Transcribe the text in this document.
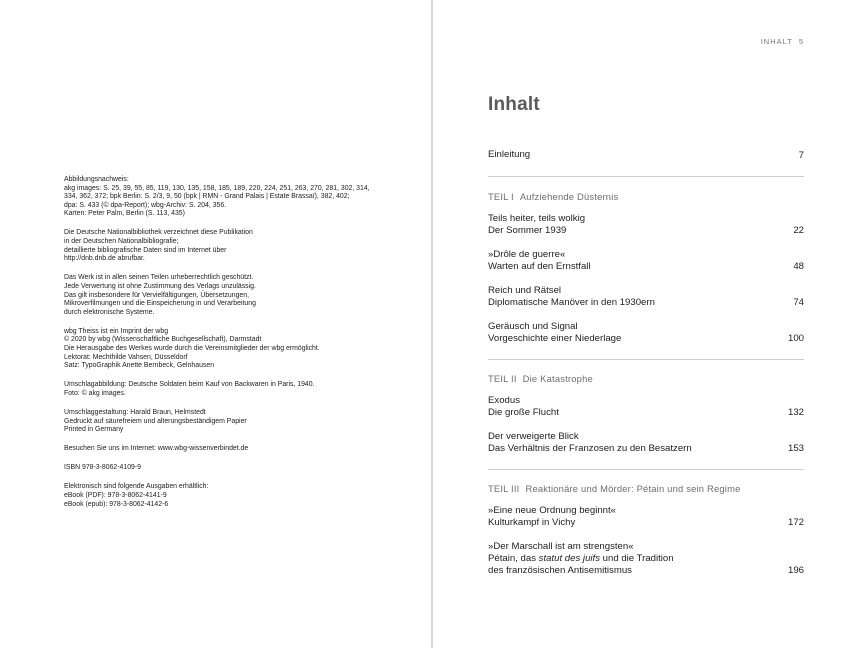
Abbildungsnachweis:
akg images: S. 25, 39, 55, 85, 119, 130, 135, 158, 185, 189, 220, 224, 251, 263, 270, 281, 302, 314,
334, 362, 372; bpk Berlin: S. 2/3, 9, 50 (bpk | RMN - Grand Palais | Estate Brassaï), 382, 402;
dpa: S. 433 (© dpa-Report); wbg-Archiv: S. 204, 356.
Karten: Peter Palm, Berlin (S. 113, 435)
Die Deutsche Nationalbibliothek verzeichnet diese Publikation
in der Deutschen Nationalbibliografie;
detaillierte bibliografische Daten sind im Internet über
http://dnb.dnb.de abrufbar.
Das Werk ist in allen seinen Teilen urheberrechtlich geschützt.
Jede Verwertung ist ohne Zustimmung des Verlags unzulässig.
Das gilt insbesondere für Vervielfältigungen, Übersetzungen,
Mikroverfilmungen und die Einspeicherung in und Verarbeitung
durch elektronische Systeme.
wbg Theiss ist ein Imprint der wbg
© 2020 by wbg (Wissenschaftliche Buchgesellschaft), Darmstadt
Die Herausgabe des Werkes wurde durch die Vereinsmitglieder der wbg ermöglicht.
Lektorat: Mechthilde Vahsen, Düsseldorf
Satz: TypoGraphik Anette Bernbeck, Gelnhausen
Umschlagabbildung: Deutsche Soldaten beim Kauf von Backwaren in Paris, 1940.
Foto: © akg images.
Umschlaggestaltung: Harald Braun, Helmstedt
Gedruckt auf säurefreiem und alterungsbeständigem Papier
Printed in Germany
Besuchen Sie uns im Internet: www.wbg-wissenverbindet.de
ISBN 978-3-8062-4109-9
Elektronisch sind folgende Ausgaben erhältlich:
eBook (PDF): 978-3-8062-4141-9
eBook (epub): 978-3-8062-4142-6
INHALT 5
Inhalt
Einleitung	7
TEIL I Aufziehende Düsternis
Teils heiter, teils wolkig
Der Sommer 1939	22
»Drôle de guerre«
Warten auf den Ernstfall	48
Reich und Rätsel
Diplomatische Manöver in den 1930ern	74
Geräusch und Signal
Vorgeschichte einer Niederlage	100
TEIL II Die Katastrophe
Exodus
Die große Flucht	132
Der verweigerte Blick
Das Verhältnis der Franzosen zu den Besatzern	153
TEIL III Reaktionäre und Mörder: Pétain und sein Regime
»Eine neue Ordnung beginnt«
Kulturkampf in Vichy	172
»Der Marschall ist am strengsten«
Pétain, das statut des juifs und die Tradition
des französischen Antisemitismus	196
